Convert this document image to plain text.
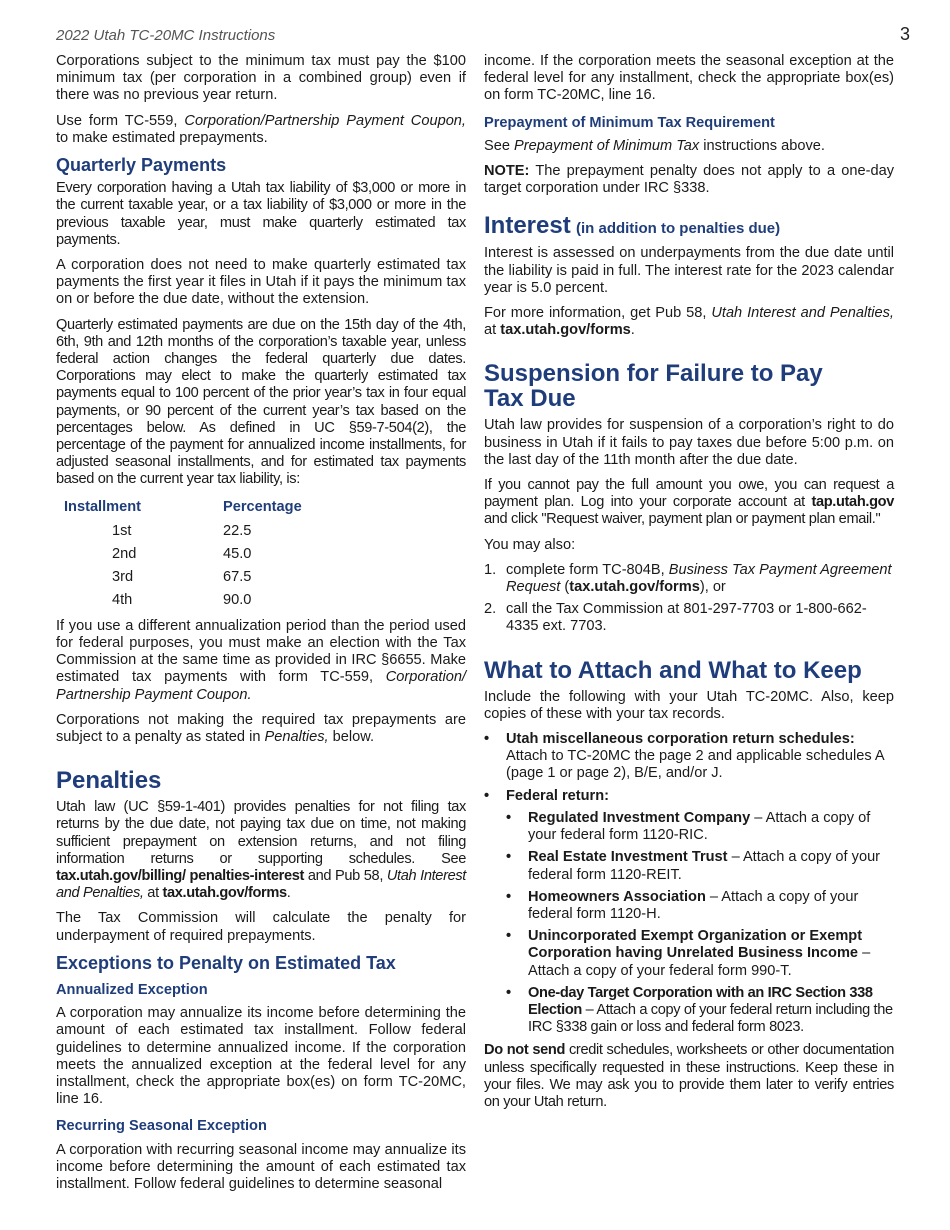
2022 Utah TC-20MC Instructions	3

Corporations subject to the minimum tax must pay the $100 minimum tax (per corporation in a combined group) even if there was no previous year return.

Use form TC-559, Corporation/Partnership Payment Coupon, to make estimated prepayments.

Quarterly Payments

Every corporation having a Utah tax liability of $3,000 or more in the current taxable year, or a tax liability of $3,000 or more in the previous taxable year, must make quarterly estimated tax payments.

A corporation does not need to make quarterly estimated tax payments the first year it files in Utah if it pays the minimum tax on or before the due date, without the extension.

Quarterly estimated payments are due on the 15th day of the 4th, 6th, 9th and 12th months of the corporation’s taxable year, unless federal action changes the federal quarterly due dates. Corporations may elect to make the quarterly estimated tax payments equal to 100 percent of the prior year’s tax in four equal payments, or 90 percent of the current year’s tax based on the percentages below. As defined in UC §59-7-504(2), the percentage of the payment for annualized income installments, for adjusted seasonal installments, and for estimated tax payments based on the current year tax liability, is:

Installment	Percentage
1st	22.5
2nd	45.0
3rd	67.5
4th	90.0

If you use a different annualization period than the period used for federal purposes, you must make an election with the Tax Commission at the same time as provided in IRC §6655. Make estimated tax payments with form TC-559, Corporation/ Partnership Payment Coupon.

Corporations not making the required tax prepayments are subject to a penalty as stated in Penalties, below.

Penalties

Utah law (UC §59-1-401) provides penalties for not filing tax returns by the due date, not paying tax due on time, not making sufficient prepayment on extension returns, and not filing information returns or supporting schedules. See tax.utah.gov/billing/ penalties-interest and Pub 58, Utah Interest and Penalties, at tax.utah.gov/forms.

The Tax Commission will calculate the penalty for underpayment of required prepayments.

Exceptions to Penalty on Estimated Tax
Annualized Exception

A corporation may annualize its income before determining the amount of each estimated tax installment. Follow federal guidelines to determine annualized income. If the corporation meets the annualized exception at the federal level for any installment, check the appropriate box(es) on form TC-20MC, line 16.

Recurring Seasonal Exception

A corporation with recurring seasonal income may annualize its income before determining the amount of each estimated tax installment. Follow federal guidelines to determine seasonal

income. If the corporation meets the seasonal exception at the federal level for any installment, check the appropriate box(es) on form TC-20MC, line 16.

Prepayment of Minimum Tax Requirement

See Prepayment of Minimum Tax instructions above.

NOTE: The prepayment penalty does not apply to a one-day target corporation under IRC §338.

Interest (in addition to penalties due)

Interest is assessed on underpayments from the due date until the liability is paid in full. The interest rate for the 2023 calendar year is 5.0 percent.

For more information, get Pub 58, Utah Interest and Penalties, at tax.utah.gov/forms.

Suspension for Failure to Pay
Tax Due

Utah law provides for suspension of a corporation’s right to do business in Utah if it fails to pay taxes due before 5:00 p.m. on the last day of the 11th month after the due date.

If you cannot pay the full amount you owe, you can request a payment plan. Log into your corporate account at tap.utah.gov and click "Request waiver, payment plan or payment plan email."

You may also:

1. complete form TC-804B, Business Tax Payment Agreement Request (tax.utah.gov/forms), or
2. call the Tax Commission at 801-297-7703 or 1-800-662-4335 ext. 7703.
What to Attach and What to Keep

Include the following with your Utah TC-20MC. Also, keep copies of these with your tax records.

• Utah miscellaneous corporation return schedules: Attach to TC-20MC the page 2 and applicable schedules A (page 1 or page 2), B/E, and/or J.
• Federal return:
• Regulated Investment Company – Attach a copy of your federal form 1120-RIC.
• Real Estate Investment Trust – Attach a copy of your federal form 1120-REIT.
• Homeowners Association – Attach a copy of your federal form 1120-H.
• Unincorporated Exempt Organization or Exempt Corporation having Unrelated Business Income – Attach a copy of your federal form 990-T.
• One-day Target Corporation with an IRC Section 338 Election – Attach a copy of your federal return including the IRC §338 gain or loss and federal form 8023.

Do not send credit schedules, worksheets or other documentation unless specifically requested in these instructions. Keep these in your files. We may ask you to provide them later to verify entries on your Utah return.
